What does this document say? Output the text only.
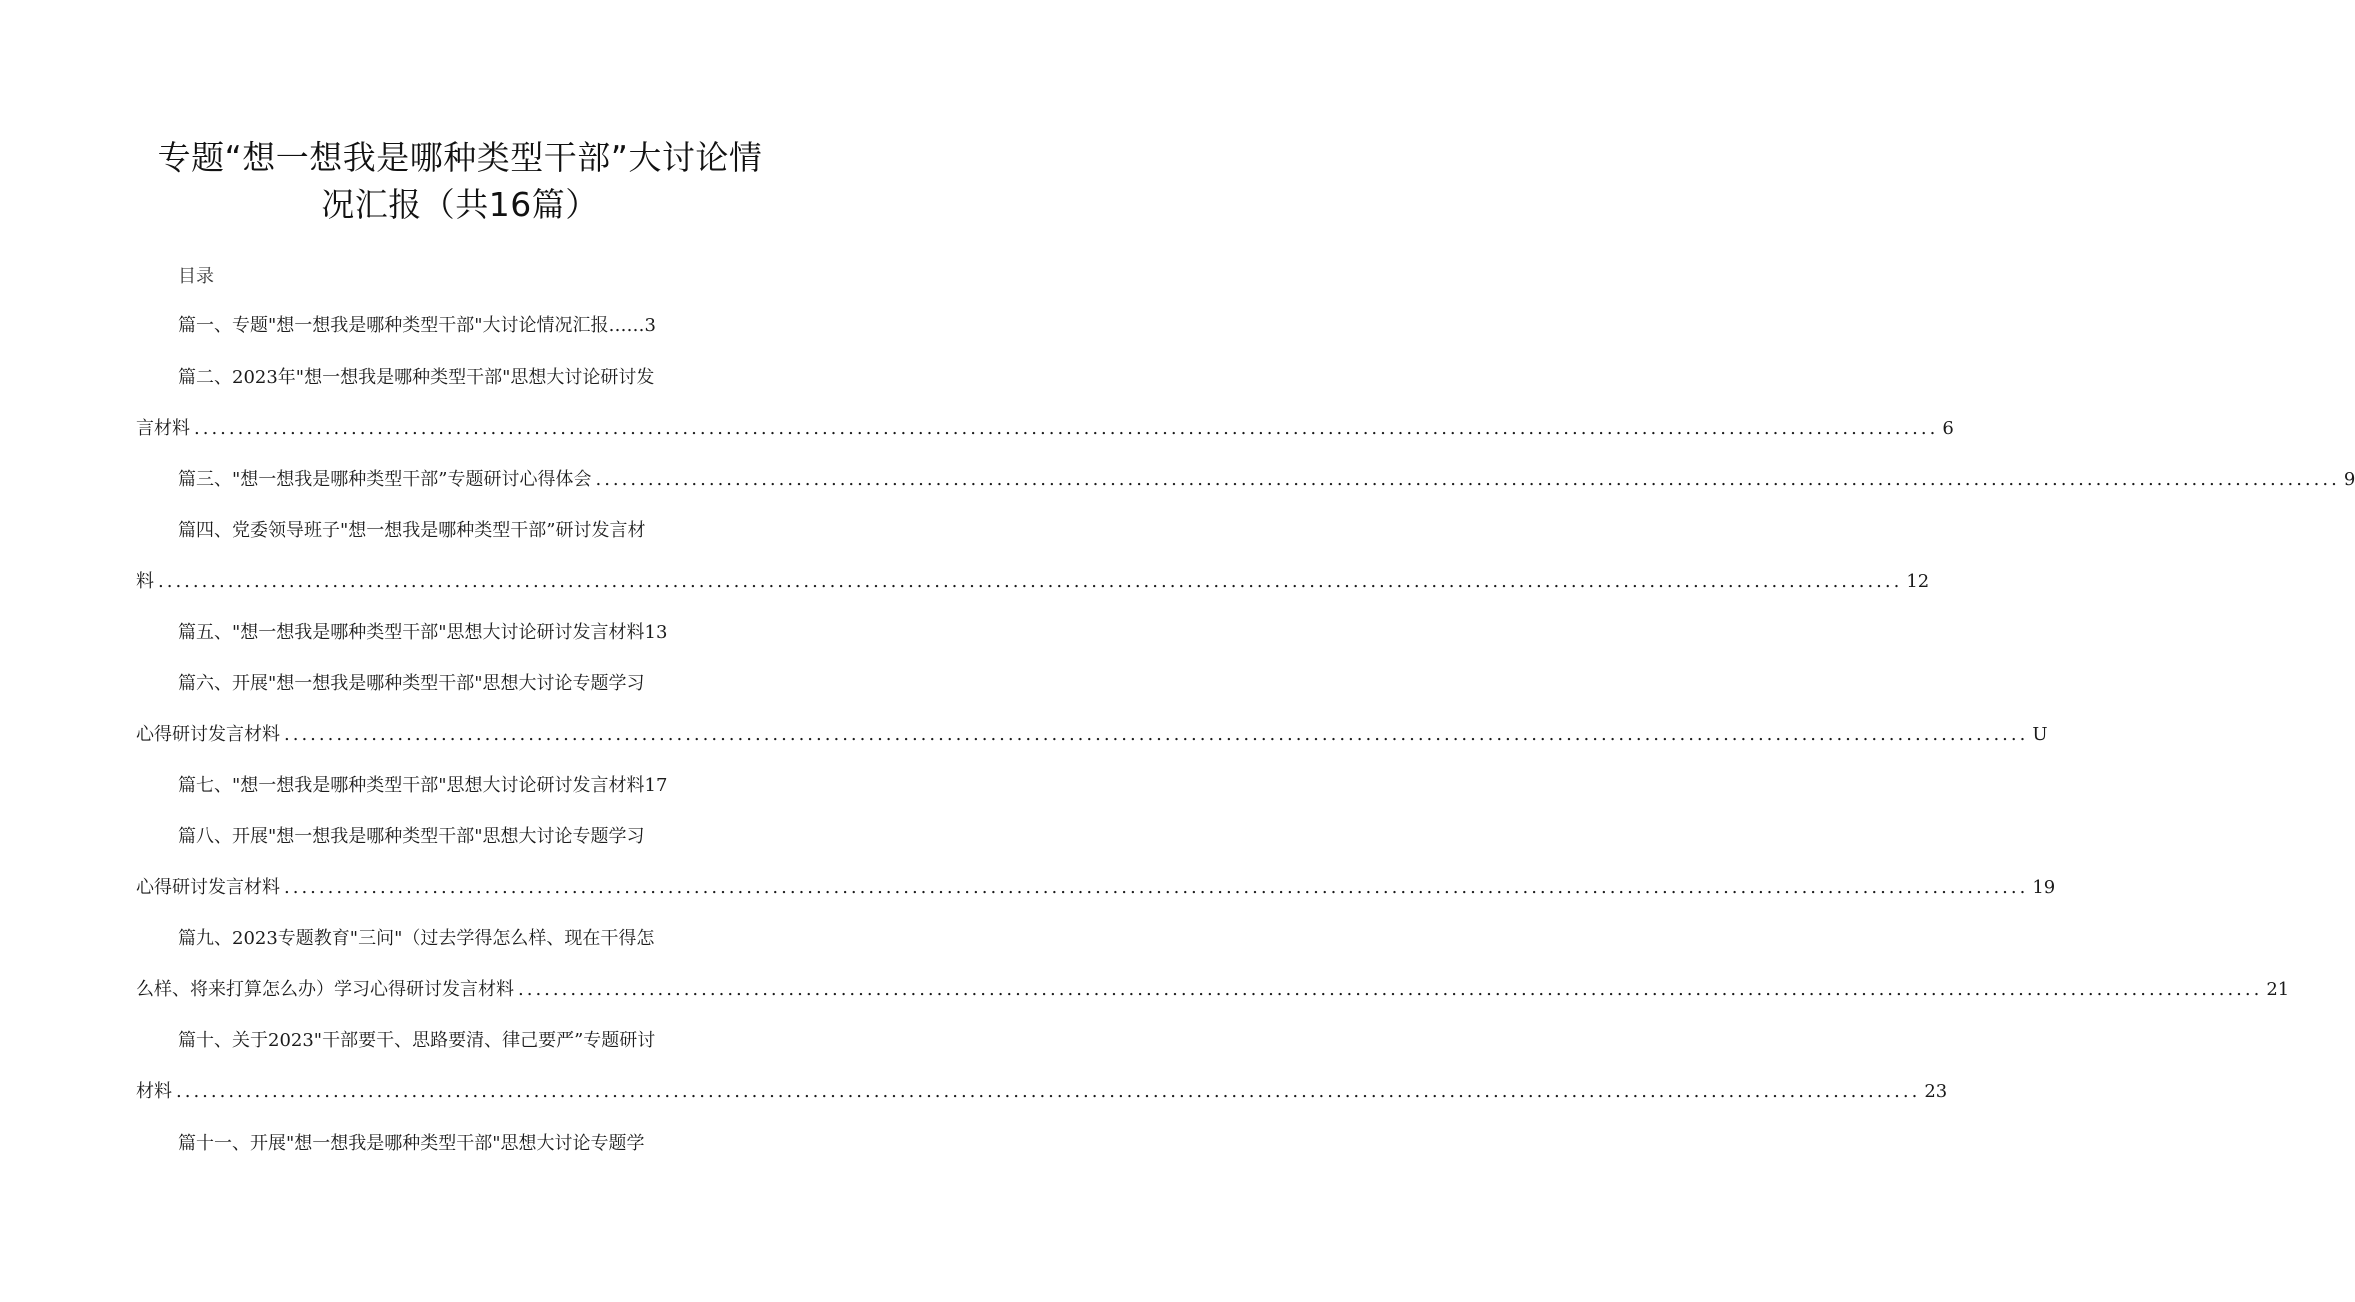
专题“想一想我是哪种类型干部”大讨论情
况汇报（共16篇）
目录
篇一、专题"想一想我是哪种类型干部"大讨论情况汇报……3
篇二、2023年"想一想我是哪种类型干部"思想大讨论研讨发
言材料 ........................................................................................................................................................................................................ 6
篇三、"想一想我是哪种类型干部”专题研讨心得体会 ........................................................................................................................................................................................................ 9
篇四、党委领导班子"想一想我是哪种类型干部”研讨发言材
料 ........................................................................................................................................................................................................ 12
篇五、"想一想我是哪种类型干部"思想大讨论研讨发言材料13
篇六、开展"想一想我是哪种类型干部"思想大讨论专题学习
心得研讨发言材料 ........................................................................................................................................................................................................ U
篇七、"想一想我是哪种类型干部"思想大讨论研讨发言材料17
篇八、开展"想一想我是哪种类型干部"思想大讨论专题学习
心得研讨发言材料 ........................................................................................................................................................................................................ 19
篇九、2023专题教育"三问"（过去学得怎么样、现在干得怎
么样、将来打算怎么办）学习心得研讨发言材料 ........................................................................................................................................................................................................ 21
篇十、关于2023"干部要干、思路要清、律己要严”专题研讨
材料 ........................................................................................................................................................................................................ 23
篇十一、开展"想一想我是哪种类型干部"思想大讨论专题学
